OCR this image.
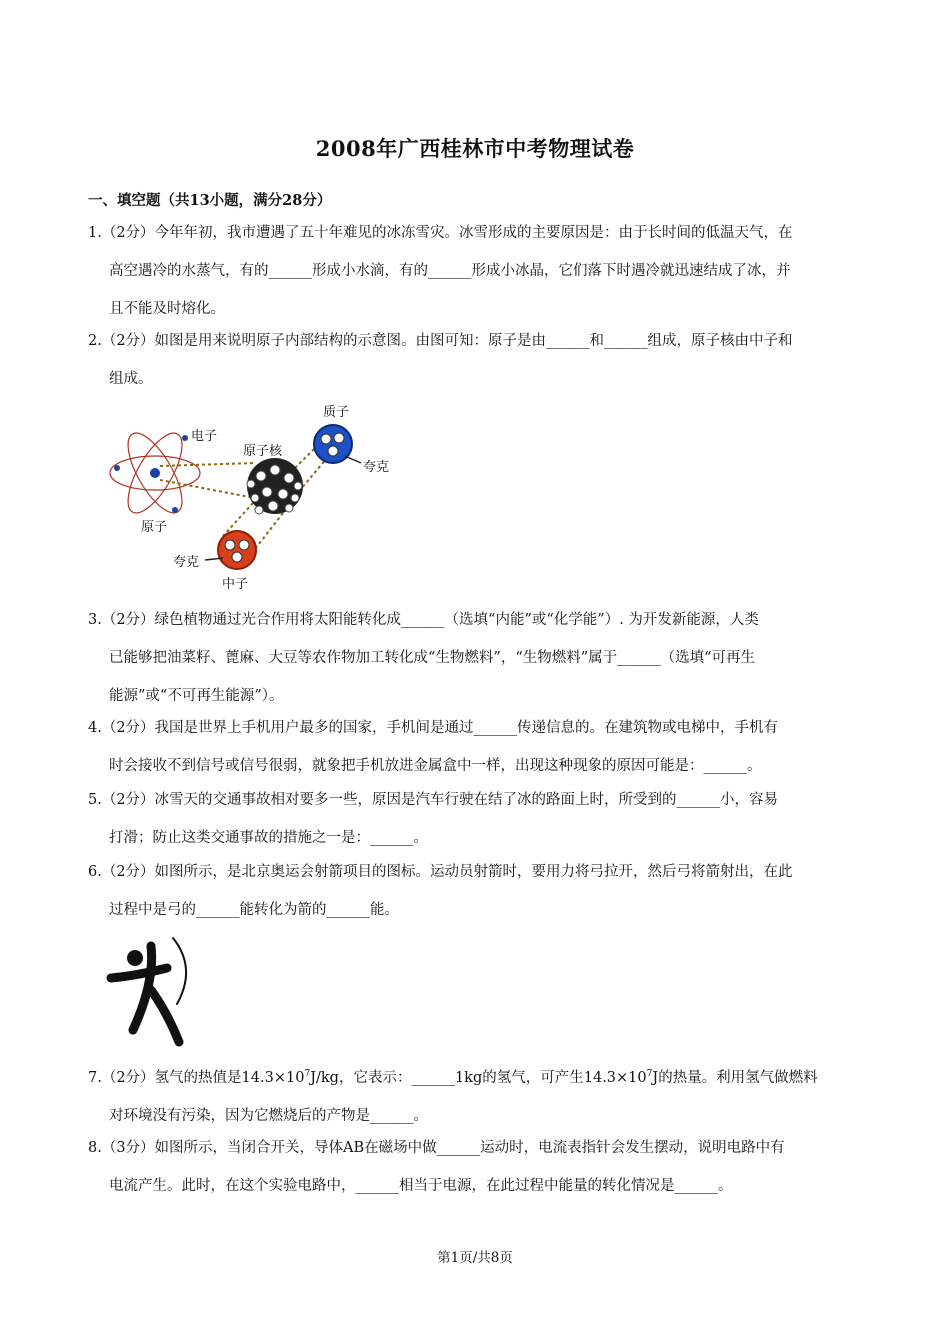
2008年广西桂林市中考物理试卷
一、填空题（共13小题，满分28分）
1.（2分）今年年初，我市遭遇了五十年难见的冰冻雪灾。冰雪形成的主要原因是：由于长时间的低温天气，在
高空遇冷的水蒸气，有的______形成小水滴，有的______形成小冰晶，它们落下时遇冷就迅速结成了冰，并
且不能及时熔化。
2.（2分）如图是用来说明原子内部结构的示意图。由图可知：原子是由______和______组成，原子核由中子和
组成。
电子
原子核
质子
夸克
原子
夸克
中子
3.（2分）绿色植物通过光合作用将太阳能转化成______（选填“内能”或“化学能”）. 为开发新能源，人类
已能够把油菜籽、蓖麻、大豆等农作物加工转化成“生物燃料”，“生物燃料”属于______（选填“可再生
能源”或“不可再生能源”）。
4.（2分）我国是世界上手机用户最多的国家，手机间是通过______传递信息的。在建筑物或电梯中，手机有
时会接收不到信号或信号很弱，就象把手机放进金属盒中一样，出现这种现象的原因可能是：______。
5.（2分）冰雪天的交通事故相对要多一些，原因是汽车行驶在结了冰的路面上时，所受到的______小，容易
打滑；防止这类交通事故的措施之一是：______。
6.（2分）如图所示，是北京奥运会射箭项目的图标。运动员射箭时，要用力将弓拉开，然后弓将箭射出，在此
过程中是弓的______能转化为箭的______能。
7.（2分）氢气的热值是$14.3\times 10^7J/kg$，它表示：______1kg的氢气，可产生$14.3\times 10^7J$的热量。利用氢气做燃料
对环境没有污染，因为它燃烧后的产物是______。
8.（3分）如图所示，当闭合开关，导体AB在磁场中做______运动时，电流表指针会发生摆动，说明电路中有
电流产生。此时，在这个实验电路中，______相当于电源，在此过程中能量的转化情况是______。
第1页/共8页
